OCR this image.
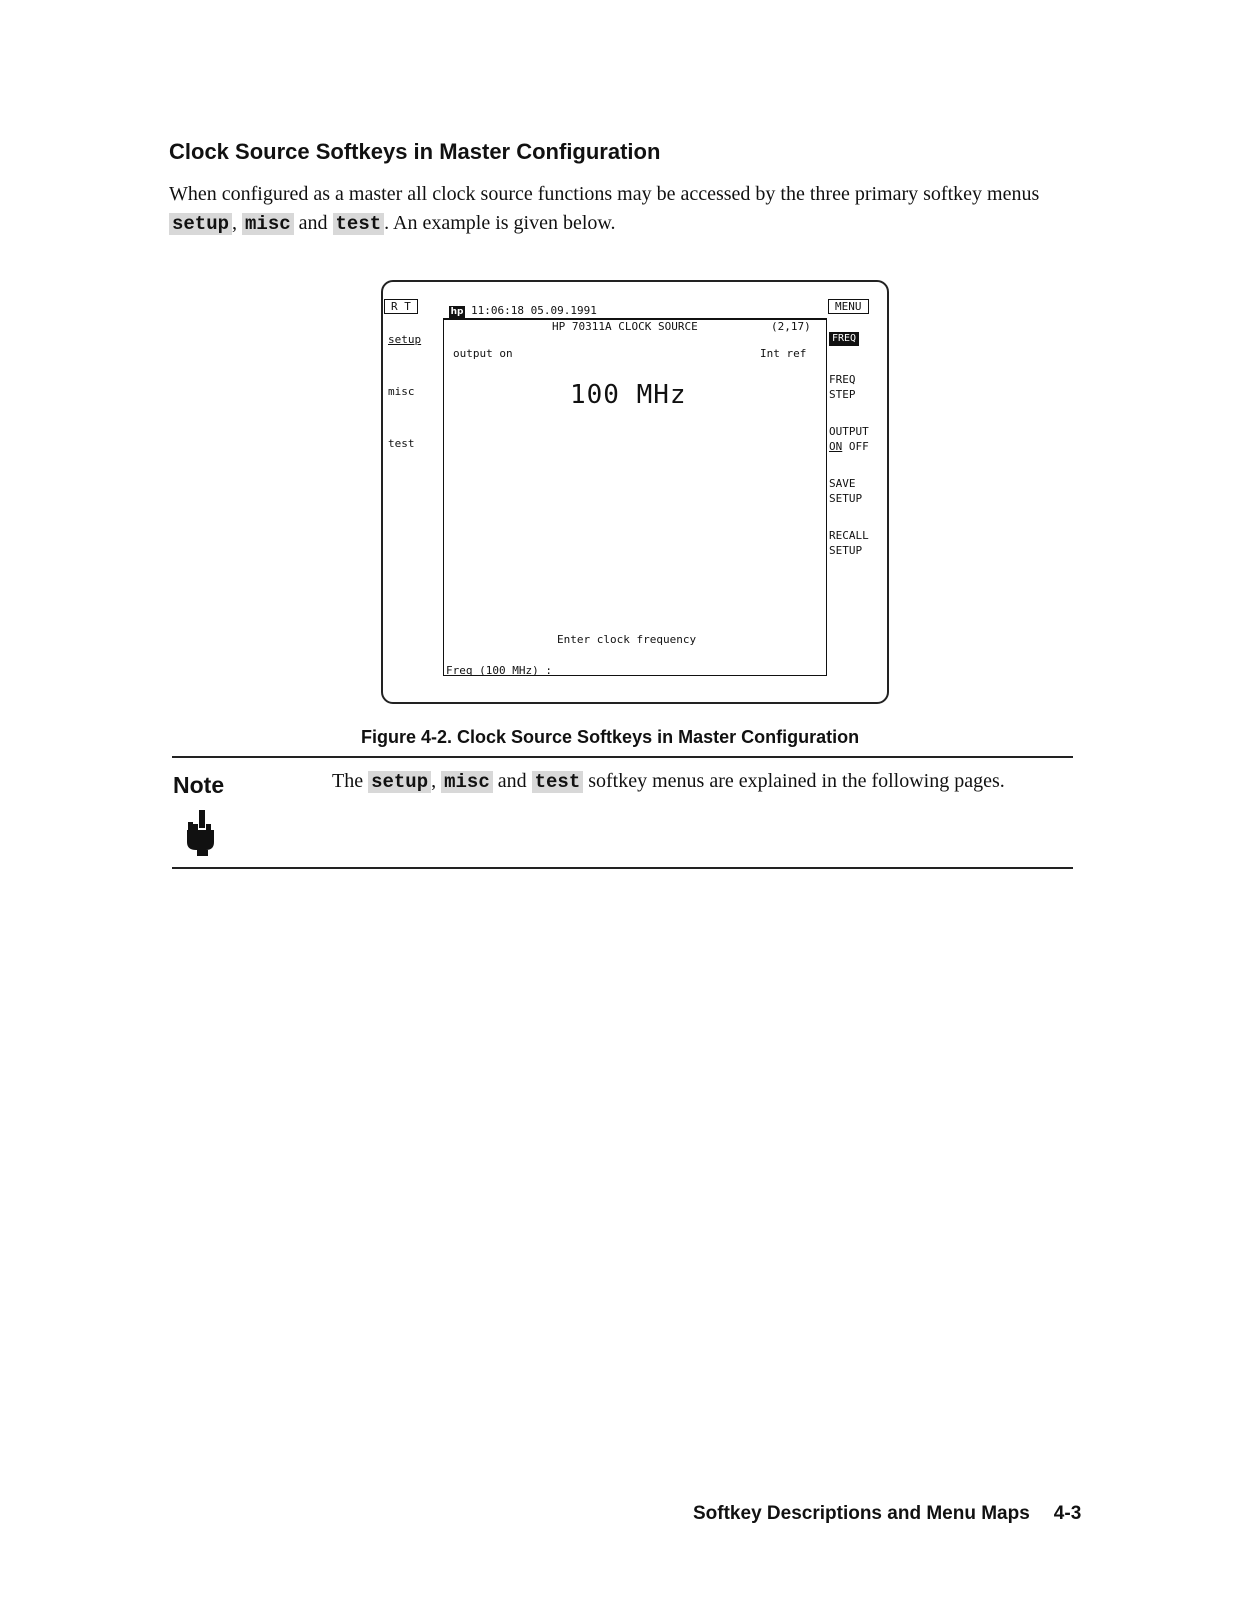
Clock Source Softkeys in Master Configuration
When configured as a master all clock source functions may be accessed by the three primary softkey menus setup , misc and test . An example is given below.
R T	hp 11:06:18 05.09.1991	MENU
HP 70311A CLOCK SOURCE	(2,17)
output on	Int ref
100 MHz
setup
misc
test
FREQ
FREQ
STEP
OUTPUT
ON OFF
SAVE
SETUP
RECALL
SETUP
Enter clock frequency
Freq (100 MHz) :
Figure 4-2. Clock Source Softkeys in Master Configuration
Note	The setup , misc and test softkey menus are explained in the following pages.
Softkey Descriptions and Menu Maps 4-3
